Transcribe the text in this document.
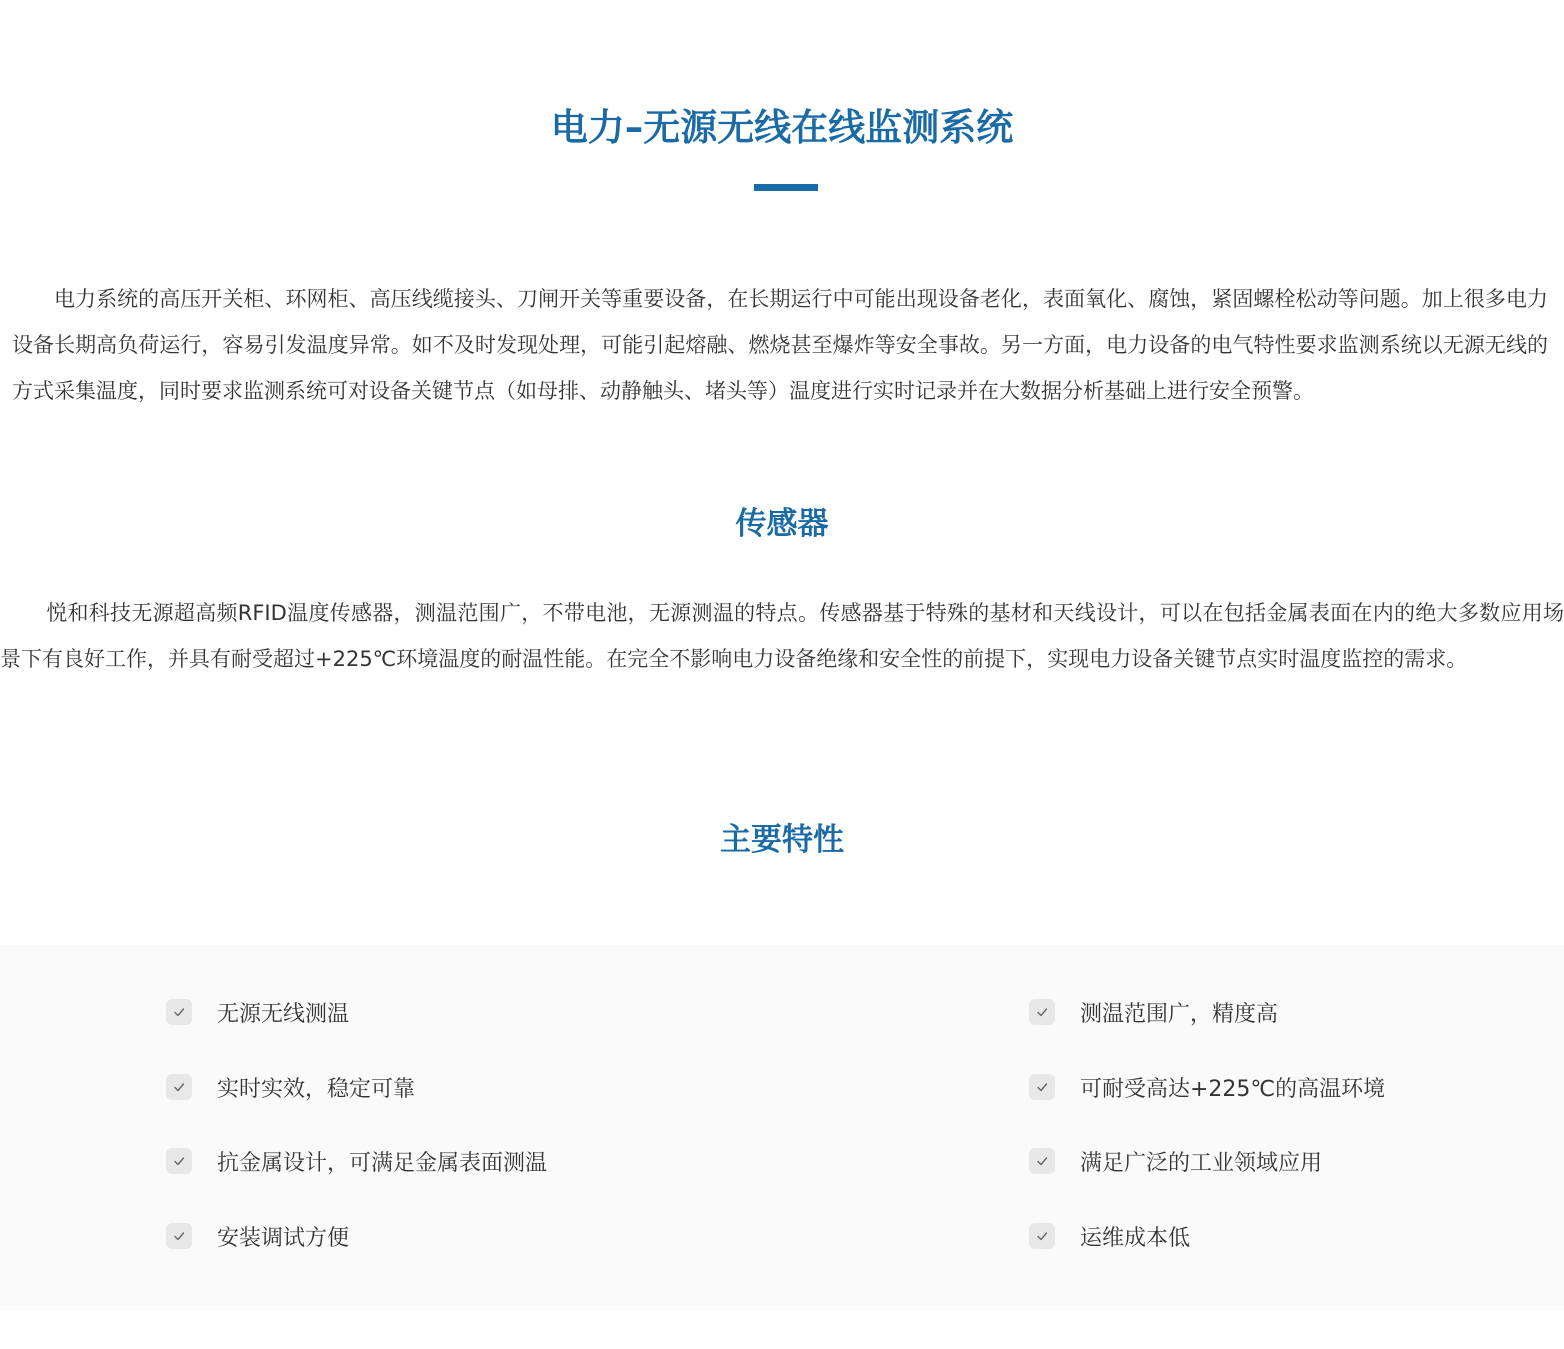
电力–无源无线在线监测系统

电力系统的高压开关柜、环网柜、高压线缆接头、刀闸开关等重要设备，在长期运行中可能出现设备老化，表面氧化、腐蚀，紧固螺栓松动等问题。加上很多电力设备长期高负荷运行，容易引发温度异常。如不及时发现处理，可能引起熔融、燃烧甚至爆炸等安全事故。另一方面，电力设备的电气特性要求监测系统以无源无线的方式采集温度，同时要求监测系统可对设备关键节点（如母排、动静触头、堵头等）温度进行实时记录并在大数据分析基础上进行安全预警。

传感器

悦和科技无源超高频RFID温度传感器，测温范围广，不带电池，无源测温的特点。传感器基于特殊的基材和天线设计，可以在包括金属表面在内的绝大多数应用场景下有良好工作，并具有耐受超过+225℃环境温度的耐温性能。在完全不影响电力设备绝缘和安全性的前提下，实现电力设备关键节点实时温度监控的需求。

主要特性
无源无线测温	测温范围广，精度高
实时实效，稳定可靠	可耐受高达+225℃的高温环境
抗金属设计，可满足金属表面测温	满足广泛的工业领域应用
安装调试方便	运维成本低
